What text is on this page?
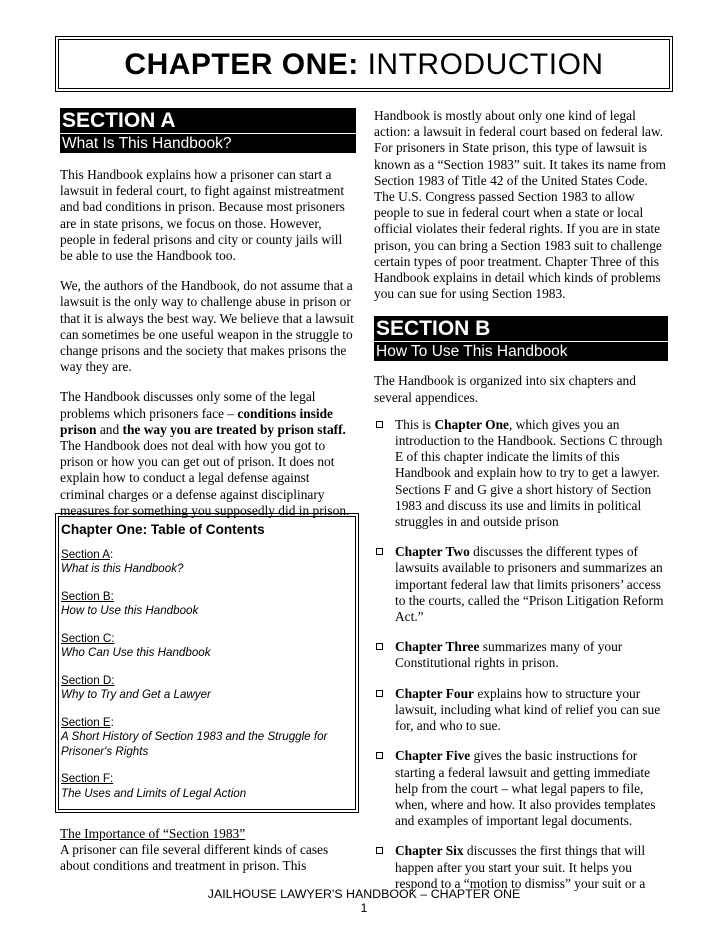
CHAPTER ONE: INTRODUCTION
SECTION A
What Is This Handbook?

This Handbook explains how a prisoner can start a lawsuit in federal court, to fight against mistreatment and bad conditions in prison. Because most prisoners are in state prisons, we focus on those. However, people in federal prisons and city or county jails will be able to use the Handbook too.

We, the authors of the Handbook, do not assume that a lawsuit is the only way to challenge abuse in prison or that it is always the best way. We believe that a lawsuit can sometimes be one useful weapon in the struggle to change prisons and the society that makes prisons the way they are.

The Handbook discusses only some of the legal problems which prisoners face – conditions inside prison and the way you are treated by prison staff. The Handbook does not deal with how you got to prison or how you can get out of prison. It does not explain how to conduct a legal defense against criminal charges or a defense against disciplinary measures for something you supposedly did in prison.

Chapter One: Table of Contents
Section A:
What is this Handbook?
Section B:
How to Use this Handbook
Section C:
Who Can Use this Handbook
Section D:
Why to Try and Get a Lawyer
Section E:
A Short History of Section 1983 and the Struggle for Prisoner's Rights
Section F:
The Uses and Limits of Legal Action
The Importance of “Section 1983”

A prisoner can file several different kinds of cases about conditions and treatment in prison. This

Handbook is mostly about only one kind of legal action: a lawsuit in federal court based on federal law. For prisoners in State prison, this type of lawsuit is known as a “Section 1983” suit. It takes its name from Section 1983 of Title 42 of the United States Code. The U.S. Congress passed Section 1983 to allow people to sue in federal court when a state or local official violates their federal rights. If you are in state prison, you can bring a Section 1983 suit to challenge certain types of poor treatment. Chapter Three of this Handbook explains in detail which kinds of problems you can sue for using Section 1983.

SECTION B
How To Use This Handbook

The Handbook is organized into six chapters and several appendices.

This is Chapter One, which gives you an introduction to the Handbook. Sections C through E of this chapter indicate the limits of this Handbook and explain how to try to get a lawyer. Sections F and G give a short history of Section 1983 and discuss its use and limits in political struggles in and outside prison
Chapter Two discusses the different types of lawsuits available to prisoners and summarizes an important federal law that limits prisoners’ access to the courts, called the “Prison Litigation Reform Act.”
Chapter Three summarizes many of your Constitutional rights in prison.
Chapter Four explains how to structure your lawsuit, including what kind of relief you can sue for, and who to sue.
Chapter Five gives the basic instructions for starting a federal lawsuit and getting immediate help from the court – what legal papers to file, when, where and how. It also provides templates and examples of important legal documents.
Chapter Six discusses the first things that will happen after you start your suit. It helps you respond to a “motion to dismiss” your suit or a
JAILHOUSE LAWYER'S HANDBOOK – CHAPTER ONE
1
